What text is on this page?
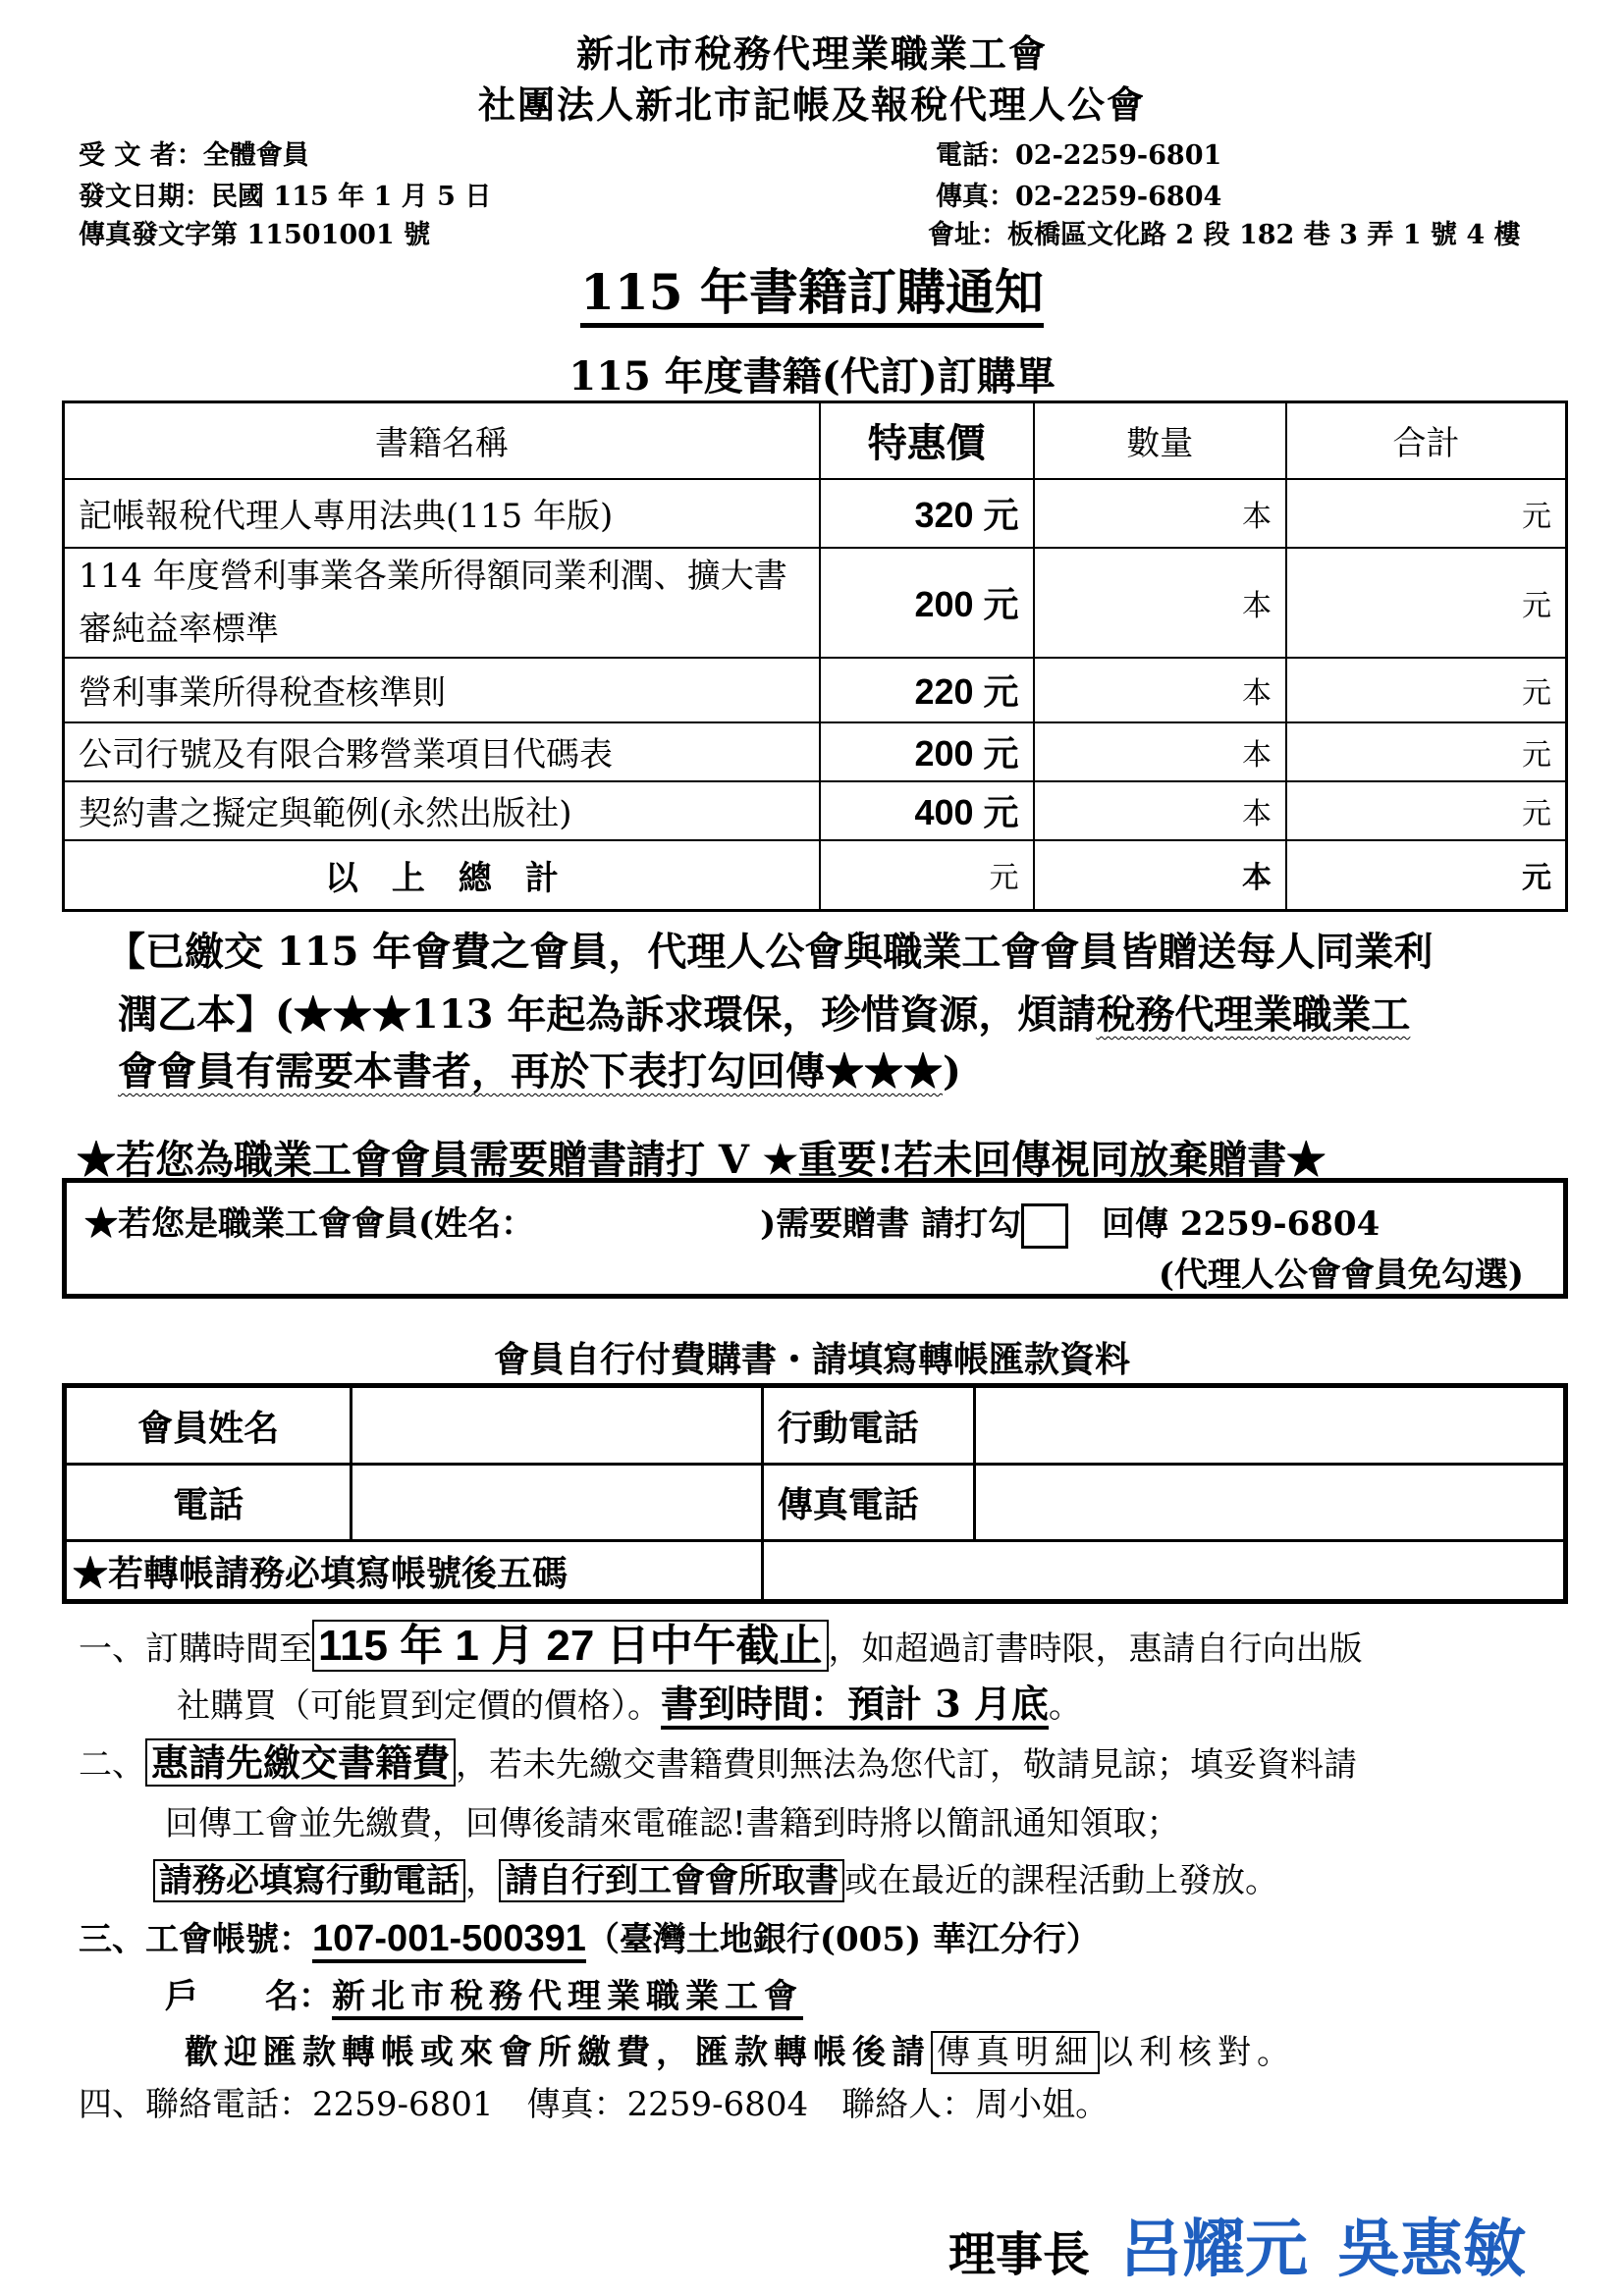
新北市稅務代理業職業工會
社團法人新北市記帳及報稅代理人公會
受 文 者：全體會員
發文日期：民國 115 年 1 月 5 日
傳真發文字第 11501001 號
電話：02-2259-6801
傳真：02-2259-6804
會址：板橋區文化路 2 段 182 巷 3 弄 1 號 4 樓
115 年書籍訂購通知
115 年度書籍(代訂)訂購單
書籍名稱	特惠價	數量	合計
記帳報稅代理人專用法典(115 年版)	320 元	本	元
114 年度營利事業各業所得額同業利潤、擴大書審純益率標準	200 元	本	元
營利事業所得稅查核準則	220 元	本	元
公司行號及有限合夥營業項目代碼表	200 元	本	元
契約書之擬定與範例(永然出版社)	400 元	本	元
以　上　總　計	元	本	元
【已繳交 115 年會費之會員，代理人公會與職業工會會員皆贈送每人同業利
潤乙本】(★★★113 年起為訴求環保，珍惜資源，煩請稅務代理業職業工
會會員有需要本書者，再於下表打勾回傳★★★)
★若您為職業工會會員需要贈書請打 V ★重要!若未回傳視同放棄贈書★
★若您是職業工會會員(姓名：	)需要贈書 請打勾　 回傳 2259-6804
(代理人公會會員免勾選)
會員自行付費購書・請填寫轉帳匯款資料
會員姓名		行動電話	
電話		傳真電話	
★若轉帳請務必填寫帳號後五碼			
一、訂購時間至 115 年 1 月 27 日中午截止 ，如超過訂書時限，惠請自行向出版
社購買（可能買到定價的價格）。書到時間：預計 3 月底。
二、 惠請先繳交書籍費 ，若未先繳交書籍費則無法為您代訂，敬請見諒；填妥資料請
回傳工會並先繳費，回傳後請來電確認!書籍到時將以簡訊通知領取；
請務必填寫行動電話 ， 請自行到工會會所取書 或在最近的課程活動上發放。
三、工會帳號：107-001-500391（臺灣土地銀行(005) 華江分行）
戶　　名：新北市稅務代理業職業工會
歡迎匯款轉帳或來會所繳費，匯款轉帳後請 傳真明細 以利核對。
四、聯絡電話：2259-6801　傳真：2259-6804　聯絡人：周小姐。
理事長 呂耀元 吳惠敏
